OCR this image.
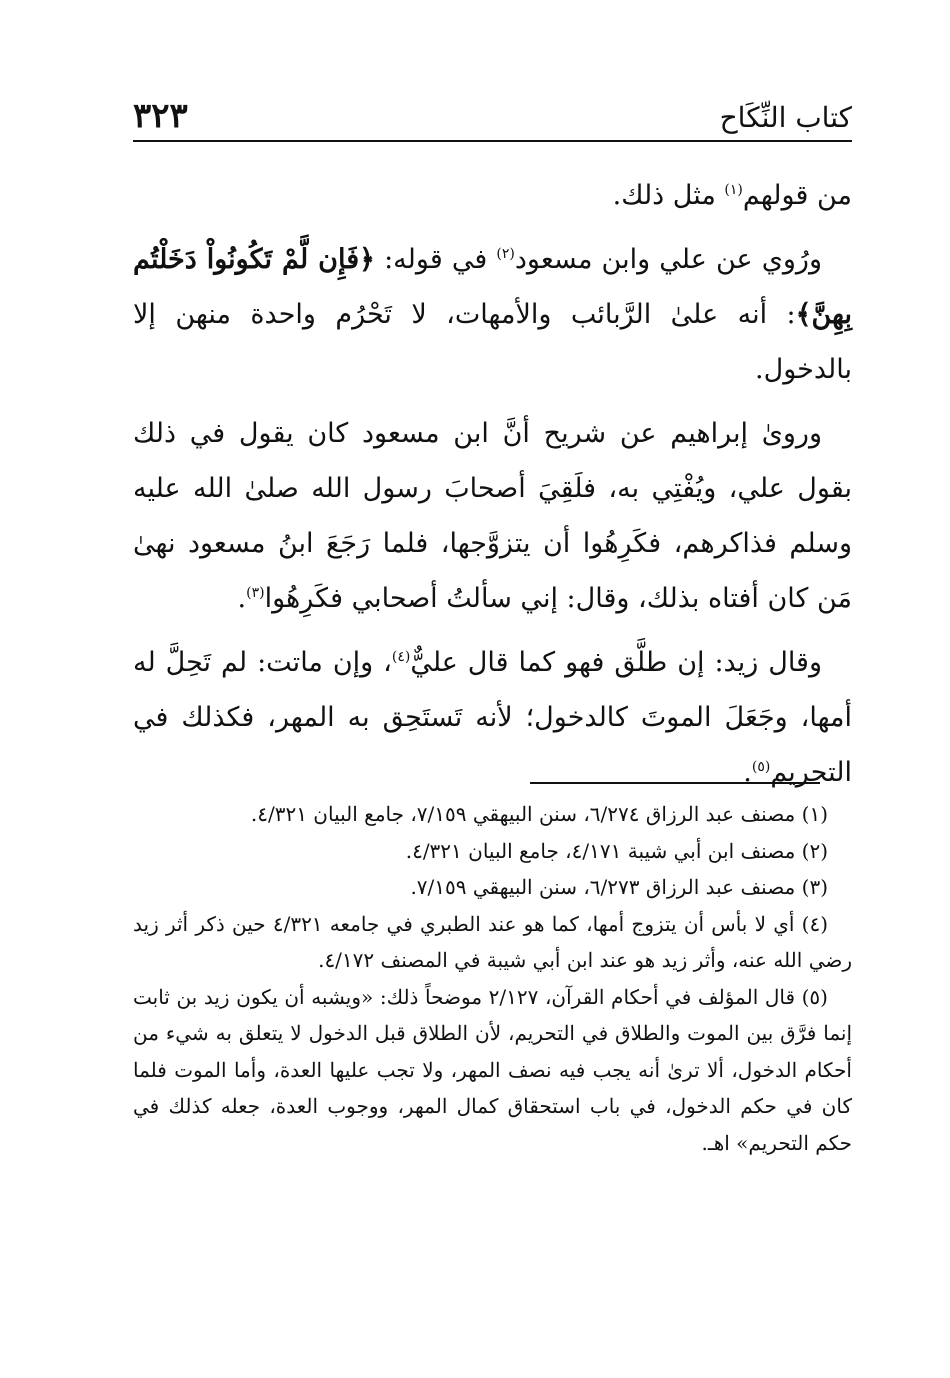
كتاب النِّكَاح
٣٢٣

من قولهم$^{(١)}$ مثل ذلك.

ورُوي عن علي وابن مسعود$^{(٢)}$ في قوله: ﴿فَإِن لَّمْ تَكُونُواْ دَخَلْتُم بِهِنَّ﴾: أنه علىٰ الرَّبائب والأمهات، لا تَحْرُم واحدة منهن إلا بالدخول.

ورویٰ إبراهيم عن شريح أنَّ ابن مسعود كان يقول في ذلك بقول علي، ويُفْتِي به، فلَقِيَ أصحابَ رسول الله صلىٰ الله عليه وسلم فذاكرهم، فكَرِهُوا أن يتزوَّجها، فلما رَجَعَ ابنُ مسعود نهىٰ مَن كان أفتاه بذلك، وقال: إني سألتُ أصحابي فكَرِهُوا$^{(٣)}$.

وقال زيد: إن طلَّق فهو كما قال عليٌّ$^{(٤)}$، وإن ماتت: لم تَحِلَّ له أمها، وجَعَلَ الموتَ كالدخول؛ لأنه تَستَحِق به المهر، فكذلك في التحريم$^{(٥)}$.

(١) مصنف عبد الرزاق ٦/٢٧٤، سنن البيهقي ٧/١٥٩، جامع البيان ٤/٣٢١.

(٢) مصنف ابن أبي شيبة ٤/١٧١، جامع البيان ٤/٣٢١.

(٣) مصنف عبد الرزاق ٦/٢٧٣، سنن البيهقي ٧/١٥٩.

(٤) أي لا بأس أن يتزوج أمها، كما هو عند الطبري في جامعه ٤/٣٢١ حين ذكر أثر زيد رضي الله عنه، وأثر زيد هو عند ابن أبي شيبة في المصنف ٤/١٧٢.

(٥) قال المؤلف في أحكام القرآن، ٢/١٢٧ موضحاً ذلك: «ويشبه أن يكون زيد بن ثابت إنما فرَّق بين الموت والطلاق في التحريم، لأن الطلاق قبل الدخول لا يتعلق به شيء من أحكام الدخول، ألا ترىٰ أنه يجب فيه نصف المهر، ولا تجب عليها العدة، وأما الموت فلما كان في حكم الدخول، في باب استحقاق كمال المهر، ووجوب العدة، جعله كذلك في حكم التحريم» اهـ.
